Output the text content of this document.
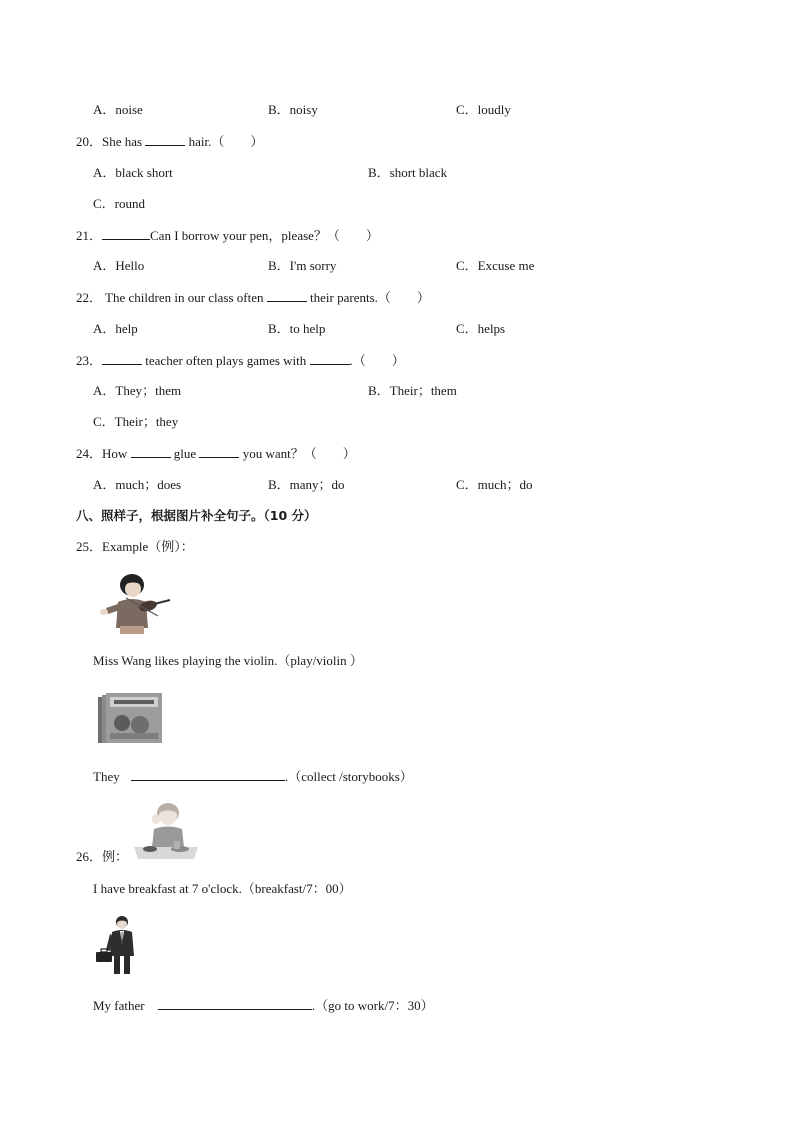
A．noise	B．noisy	C．loudly
20．She has	hair.（　　）
A．black short	B．short black
C．round
21．	Can I borrow your pen，please？（　　）
A．Hello	B．I'm sorry	C．Excuse me
22． The children in our class often	their parents.（　　）
A．help	B．to help	C．helps
23．	teacher often plays games with	.（　　）
A．They；them	B．Their；them
C．Their；they
24．How	glue	you want？（　　）
A．much；does	B．many；do	C．much；do
八、照样子，根据图片补全句子。（10 分）
25．Example（例）：
Miss Wang likes playing the violin.（play/violin ）
They	.（collect /storybooks）
26．例：
I have breakfast at 7 o'clock.（breakfast/7：00）
My father	.（go to work/7：30）
